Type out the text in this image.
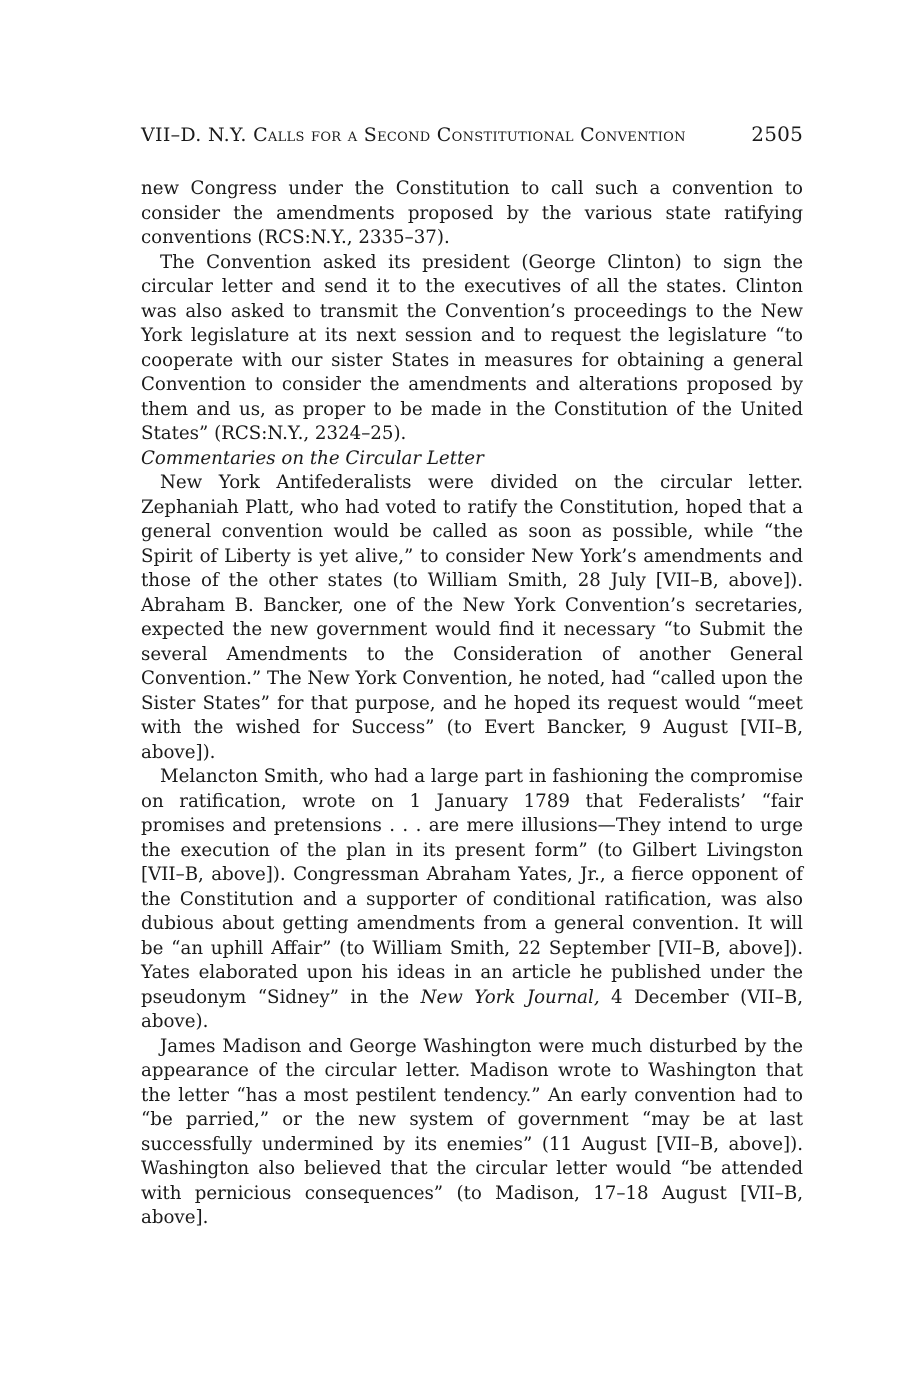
VII–D. N.Y. Calls for a Second Constitutional Convention	2505

new Congress under the Constitution to call such a convention to consider the amendments proposed by the various state ratifying conventions (RCS:N.Y., 2335–37).

The Convention asked its president (George Clinton) to sign the circular letter and send it to the executives of all the states. Clinton was also asked to transmit the Convention’s proceedings to the New York legislature at its next session and to request the legislature “to cooperate with our sister States in measures for obtaining a general Convention to consider the amendments and alterations proposed by them and us, as proper to be made in the Constitution of the United States” (RCS:N.Y., 2324–25).

Commentaries on the Circular Letter

New York Antifederalists were divided on the circular letter. Zephaniah Platt, who had voted to ratify the Constitution, hoped that a general convention would be called as soon as possible, while “the Spirit of Liberty is yet alive,” to consider New York’s amendments and those of the other states (to William Smith, 28 July [VII–B, above]). Abraham B. Bancker, one of the New York Convention’s secretaries, expected the new government would find it necessary “to Submit the several Amendments to the Consideration of another General Convention.” The New York Convention, he noted, had “called upon the Sister States” for that purpose, and he hoped its request would “meet with the wished for Success” (to Evert Bancker, 9 August [VII–B, above]).

Melancton Smith, who had a large part in fashioning the compromise on ratification, wrote on 1 January 1789 that Federalists’ “fair promises and pretensions . . . are mere illusions—They intend to urge the execution of the plan in its present form” (to Gilbert Livingston [VII–B, above]). Congressman Abraham Yates, Jr., a fierce opponent of the Constitution and a supporter of conditional ratification, was also dubious about getting amendments from a general convention. It will be “an uphill Affair” (to William Smith, 22 September [VII–B, above]). Yates elaborated upon his ideas in an article he published under the pseudonym “Sidney” in the New York Journal, 4 December (VII–B, above).

James Madison and George Washington were much disturbed by the appearance of the circular letter. Madison wrote to Washington that the letter “has a most pestilent tendency.” An early convention had to “be parried,” or the new system of government “may be at last successfully undermined by its enemies” (11 August [VII–B, above]). Washington also believed that the circular letter would “be attended with pernicious consequences” (to Madison, 17–18 August [VII–B, above].
